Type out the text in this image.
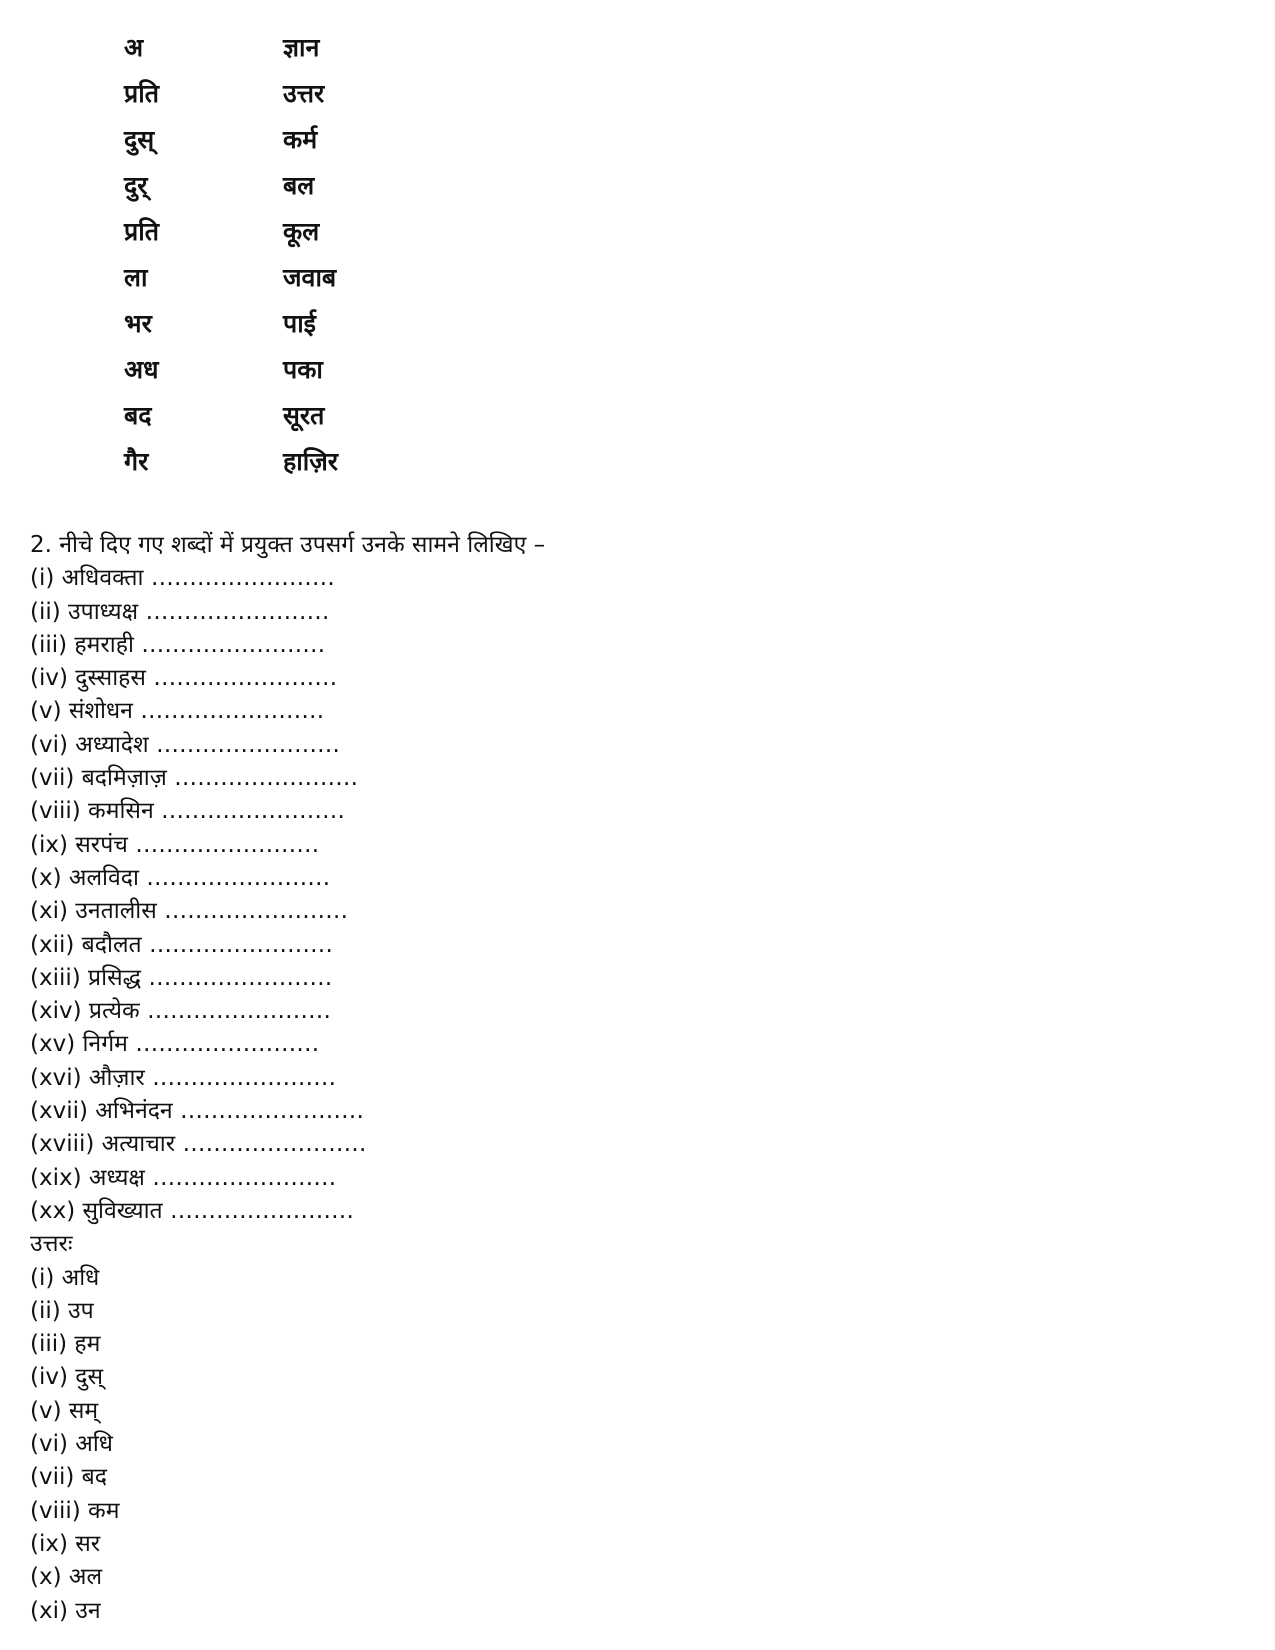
अ	ज्ञान
प्रति	उत्तर
दुस्	कर्म
दुर्	बल
प्रति	कूल
ला	जवाब
भर	पाई
अध	पका
बद	सूरत
गैर	हाज़िर
2. नीचे दिए गए शब्दों में प्रयुक्त उपसर्ग उनके सामने लिखिए –
(i) अधिवक्ता ……………………
(ii) उपाध्यक्ष ……………………
(iii) हमराही ……………………
(iv) दुस्साहस ……………………
(v) संशोधन ……………………
(vi) अध्यादेश ……………………
(vii) बदमिज़ाज़ ……………………
(viii) कमसिन ……………………
(ix) सरपंच ……………………
(x) अलविदा ……………………
(xi) उनतालीस ……………………
(xii) बदौलत ……………………
(xiii) प्रसिद्ध ……………………
(xiv) प्रत्येक ……………………
(xv) निर्गम ……………………
(xvi) औज़ार ……………………
(xvii) अभिनंदन ……………………
(xviii) अत्याचार ……………………
(xix) अध्यक्ष ……………………
(xx) सुविख्यात ……………………
उत्तरः
(i) अधि
(ii) उप
(iii) हम
(iv) दुस्
(v) सम्
(vi) अधि
(vii) बद
(viii) कम
(ix) सर
(x) अल
(xi) उन
